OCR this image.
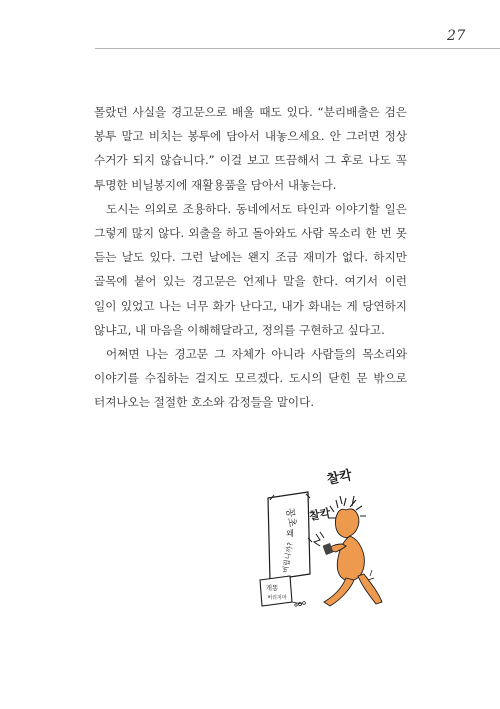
27

몰랐던 사실을 경고문으로 배울 때도 있다. “분리배출은 검은 봉투 말고 비치는 봉투에 담아서 내놓으세요. 안 그러면 정상 수거가 되지 않습니다.” 이걸 보고 뜨끔해서 그 후로 나도 꼭 투명한 비닐봉지에 재활용품을 담아서 내놓는다.

도시는 의외로 조용하다. 동네에서도 타인과 이야기할 일은 그렇게 많지 않다. 외출을 하고 돌아와도 사람 목소리 한 번 못 듣는 날도 있다. 그런 날에는 왠지 조금 재미가 없다. 하지만 골목에 붙어 있는 경고문은 언제나 말을 한다. 여기서 이런 일이 있었고 나는 너무 화가 난다고, 내가 화내는 게 당연하지 않냐고, 내 마음을 이해해달라고, 정의를 구현하고 싶다고.

어쩌면 나는 경고문 그 자체가 아니라 사람들의 목소리와 이야기를 수집하는 걸지도 모르겠다. 도시의 닫힌 문 밖으로 터져나오는 절절한 호소와 감정들을 말이다.

꽁초
왜
버립니까?
개똥
버리지마
찰칵
찰칵
